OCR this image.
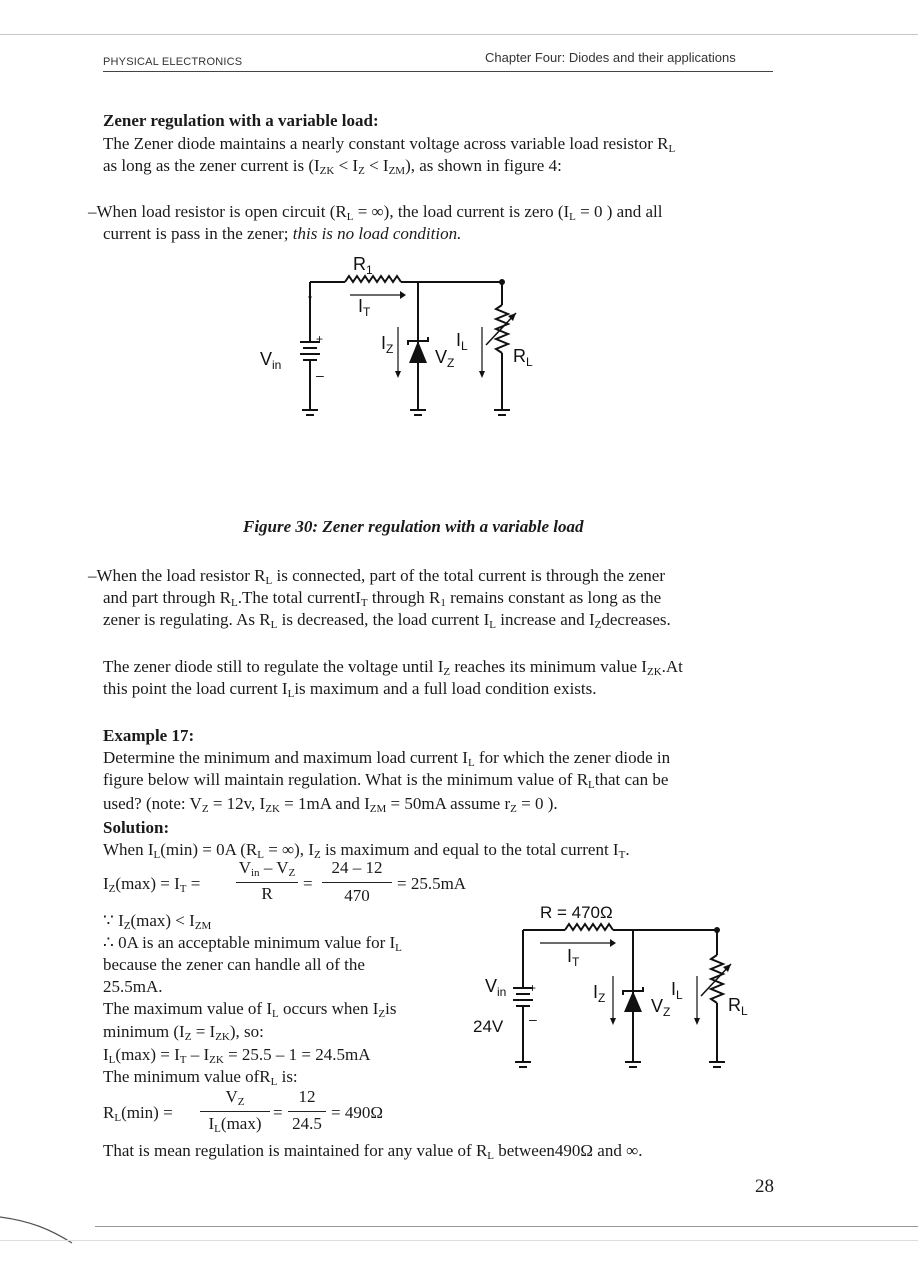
PHYSICAL ELECTRONICS	Chapter Four: Diodes and their applications
Zener regulation with a variable load:
The Zener diode maintains a nearly constant voltage across variable load resistor $R_L$
as long as the zener current is $(I_{ZK} < I_Z < I_{ZM})$, as shown in figure 4:
–When load resistor is open circuit ($R_L$ = ∞), the load current is zero ($I_L = 0$ ) and all
current is pass in the zener; this is no load condition.
$R_1$
$I_T$
$I_Z$ $V_Z$
$I_L$	$R_L$
$V_{in}$
+
–
Figure 30: Zener regulation with a variable load
–When the load resistor $R_L$ is connected, part of the total current is through the zener
and part through $R_L.The$ total currentI$_T$ through $R_1$ remains constant as long as the
zener is regulating. As $R_L$ is decreased, the load current $I_L$ increase and $I_Zdecreases$.
The zener diode still to regulate the voltage until $I_Z$ reaches its minimum value $I_{ZK}.At$
this point the load current $I_Lis$ maximum and a full load condition exists.
Example 17:
Determine the minimum and maximum load current $I_L$ for which the zener diode in
figure below will maintain regulation. What is the minimum value of $R_Lthat$ can be
used? (note: $V_Z = 12v$, $I_{ZK} = 1mA$ and $I_{ZM} = 50mA$ assume $r_Z = 0$ ).
Solution:
When $I_L(\min) = 0A$ ($R_L$ = ∞), $I_Z$ is maximum and equal to the total current $I_T$.
$I_Z(\max) = I_T$ =
$V_{in} - V_Z$
R
=
24 – 12
470
= 25.5mA
∵ $I_Z(\max) < I_{ZM}$
∴ 0A is an acceptable minimum value for $I_L$
because the zener can handle all of the
25.5mA.
The maximum value of $I_L$ occurs when $I_Zis$
minimum $(I_Z = I_{ZK})$, so:
$I_L(\max) = I_T - I_{ZK} = 25.5 - 1 = 24.5mA$
The minimum value ofR$_L$ is:
$R_L(\min)$ =
$V_Z$
$I_L(\max)$
=
12
24.5
= 490Ω
That is mean regulation is maintained for any value of $R_L$ between490Ω and ∞.
R = 470Ω
$I_T$
$I_Z$	$V_Z$
$I_L$	$R_L$
$V_{in}$
24V
+
–
28
